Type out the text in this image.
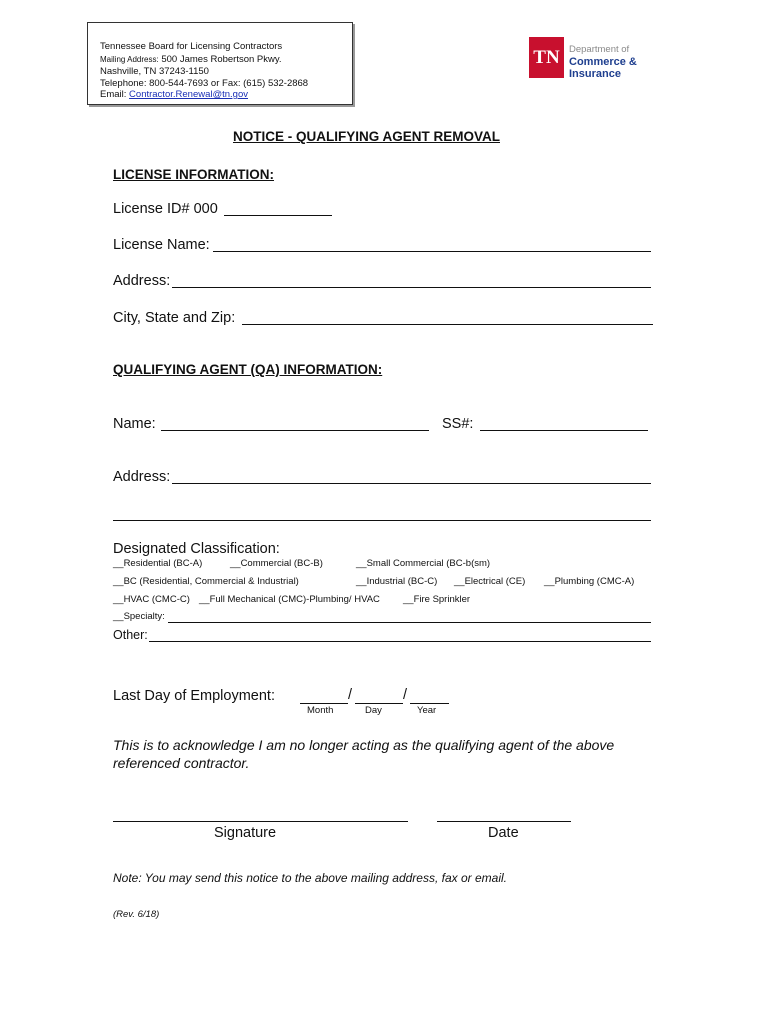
Tennessee Board for Licensing Contractors
Mailing Address: 500 James Robertson Pkwy.
Nashville, TN 37243-1150
Telephone: 800-544-7693 or Fax: (615) 532-2868
Email: Contractor.Renewal@tn.gov
TN Department of
Commerce &
Insurance
NOTICE - QUALIFYING AGENT REMOVAL
LICENSE INFORMATION:
License ID# 000
License Name:
Address:
City, State and Zip:
QUALIFYING AGENT (QA) INFORMATION:
Name:	SS#:
Address:
Designated Classification:
__Residential (BC-A)	__Commercial (BC-B)	__Small Commercial (BC-b(sm)
__BC (Residential, Commercial & Industrial)	__Industrial (BC-C) __Electrical (CE) __Plumbing (CMC-A)
__HVAC (CMC-C) __Full Mechanical (CMC)-Plumbing/ HVAC __Fire Sprinkler
__Specialty:
Other:
Last Day of Employment:	/	/
Month	Day	Year
This is to acknowledge I am no longer acting as the qualifying agent of the above referenced contractor.
Signature	Date
Note: You may send this notice to the above mailing address, fax or email.
(Rev. 6/18)
